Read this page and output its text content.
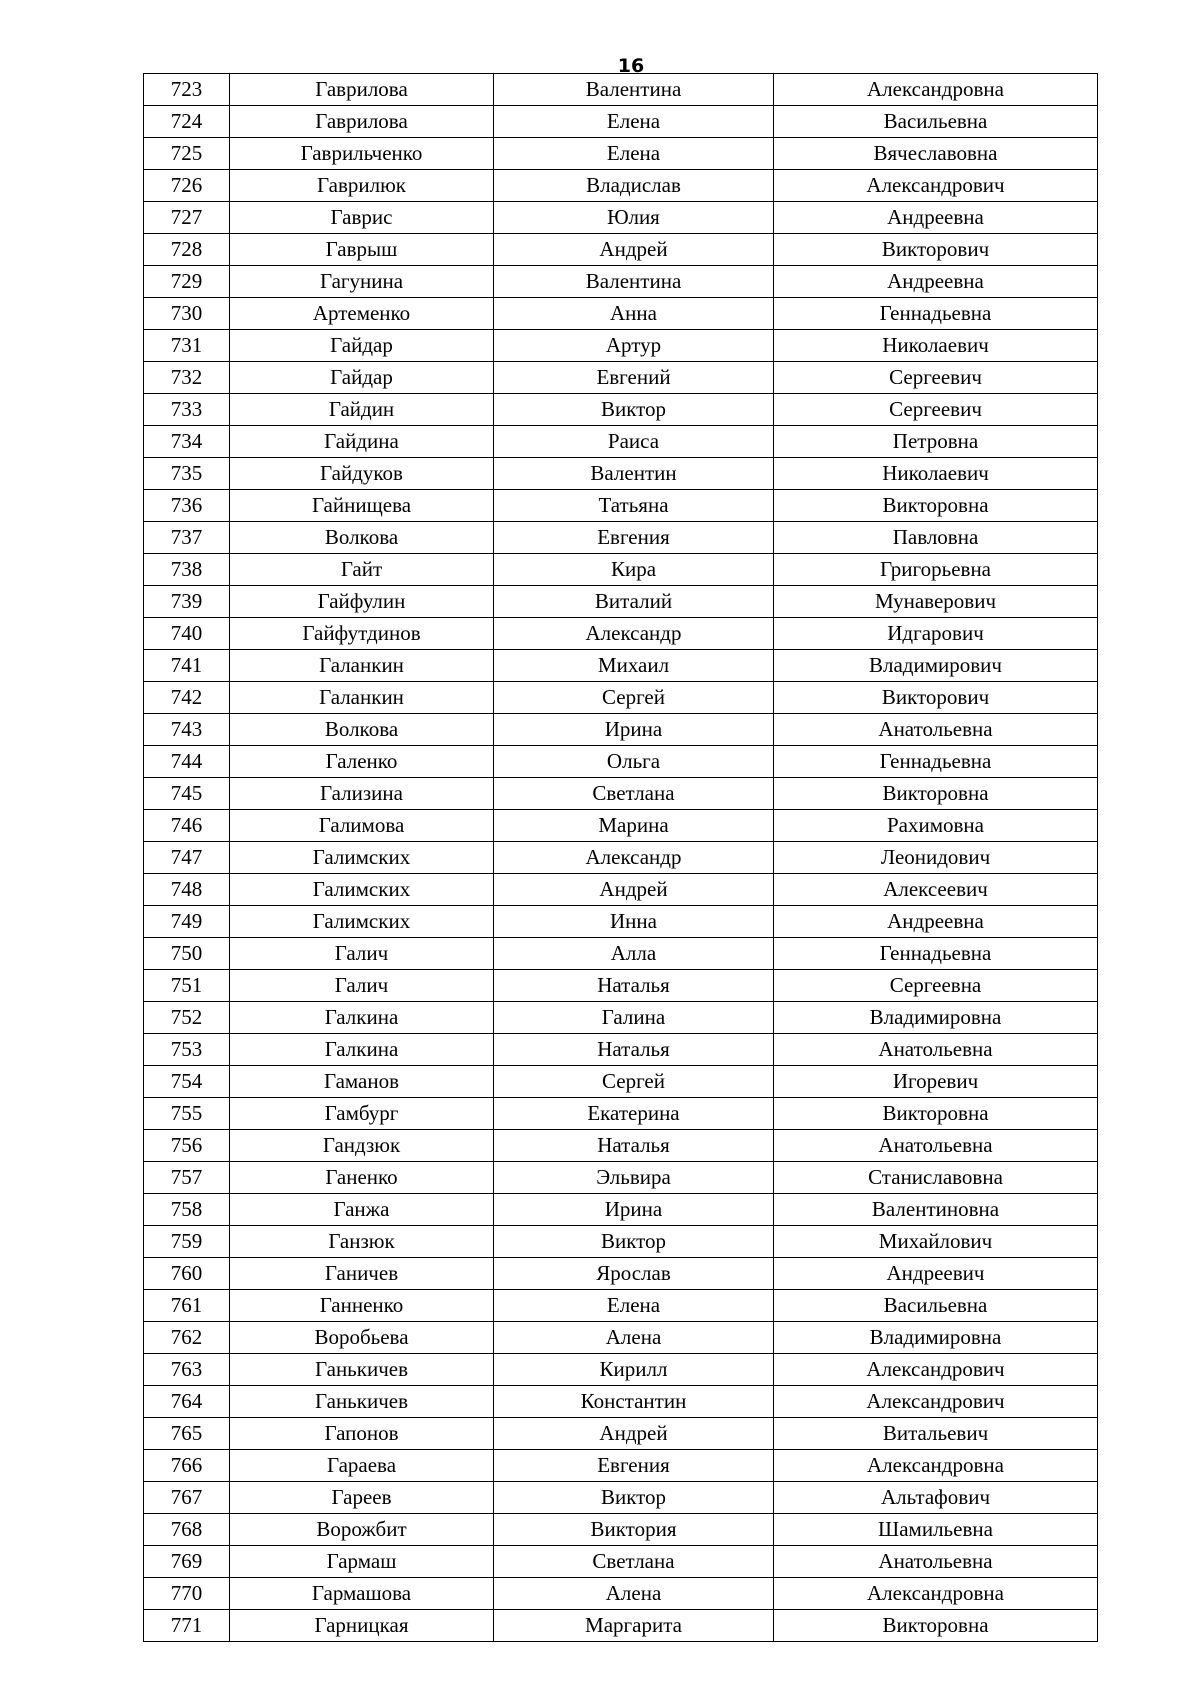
16
723	Гаврилова	Валентина	Александровна
724	Гаврилова	Елена	Васильевна
725	Гаврильченко	Елена	Вячеславовна
726	Гаврилюк	Владислав	Александрович
727	Гаврис	Юлия	Андреевна
728	Гаврыш	Андрей	Викторович
729	Гагунина	Валентина	Андреевна
730	Артеменко	Анна	Геннадьевна
731	Гайдар	Артур	Николаевич
732	Гайдар	Евгений	Сергеевич
733	Гайдин	Виктор	Сергеевич
734	Гайдина	Раиса	Петровна
735	Гайдуков	Валентин	Николаевич
736	Гайнищева	Татьяна	Викторовна
737	Волкова	Евгения	Павловна
738	Гайт	Кира	Григорьевна
739	Гайфулин	Виталий	Мунаверович
740	Гайфутдинов	Александр	Идгарович
741	Галанкин	Михаил	Владимирович
742	Галанкин	Сергей	Викторович
743	Волкова	Ирина	Анатольевна
744	Галенко	Ольга	Геннадьевна
745	Гализина	Светлана	Викторовна
746	Галимова	Марина	Рахимовна
747	Галимских	Александр	Леонидович
748	Галимских	Андрей	Алексеевич
749	Галимских	Инна	Андреевна
750	Галич	Алла	Геннадьевна
751	Галич	Наталья	Сергеевна
752	Галкина	Галина	Владимировна
753	Галкина	Наталья	Анатольевна
754	Гаманов	Сергей	Игоревич
755	Гамбург	Екатерина	Викторовна
756	Гандзюк	Наталья	Анатольевна
757	Ганенко	Эльвира	Станиславовна
758	Ганжа	Ирина	Валентиновна
759	Ганзюк	Виктор	Михайлович
760	Ганичев	Ярослав	Андреевич
761	Ганненко	Елена	Васильевна
762	Воробьева	Алена	Владимировна
763	Ганькичев	Кирилл	Александрович
764	Ганькичев	Константин	Александрович
765	Гапонов	Андрей	Витальевич
766	Гараева	Евгения	Александровна
767	Гареев	Виктор	Альтафович
768	Ворожбит	Виктория	Шамильевна
769	Гармаш	Светлана	Анатольевна
770	Гармашова	Алена	Александровна
771	Гарницкая	Маргарита	Викторовна
